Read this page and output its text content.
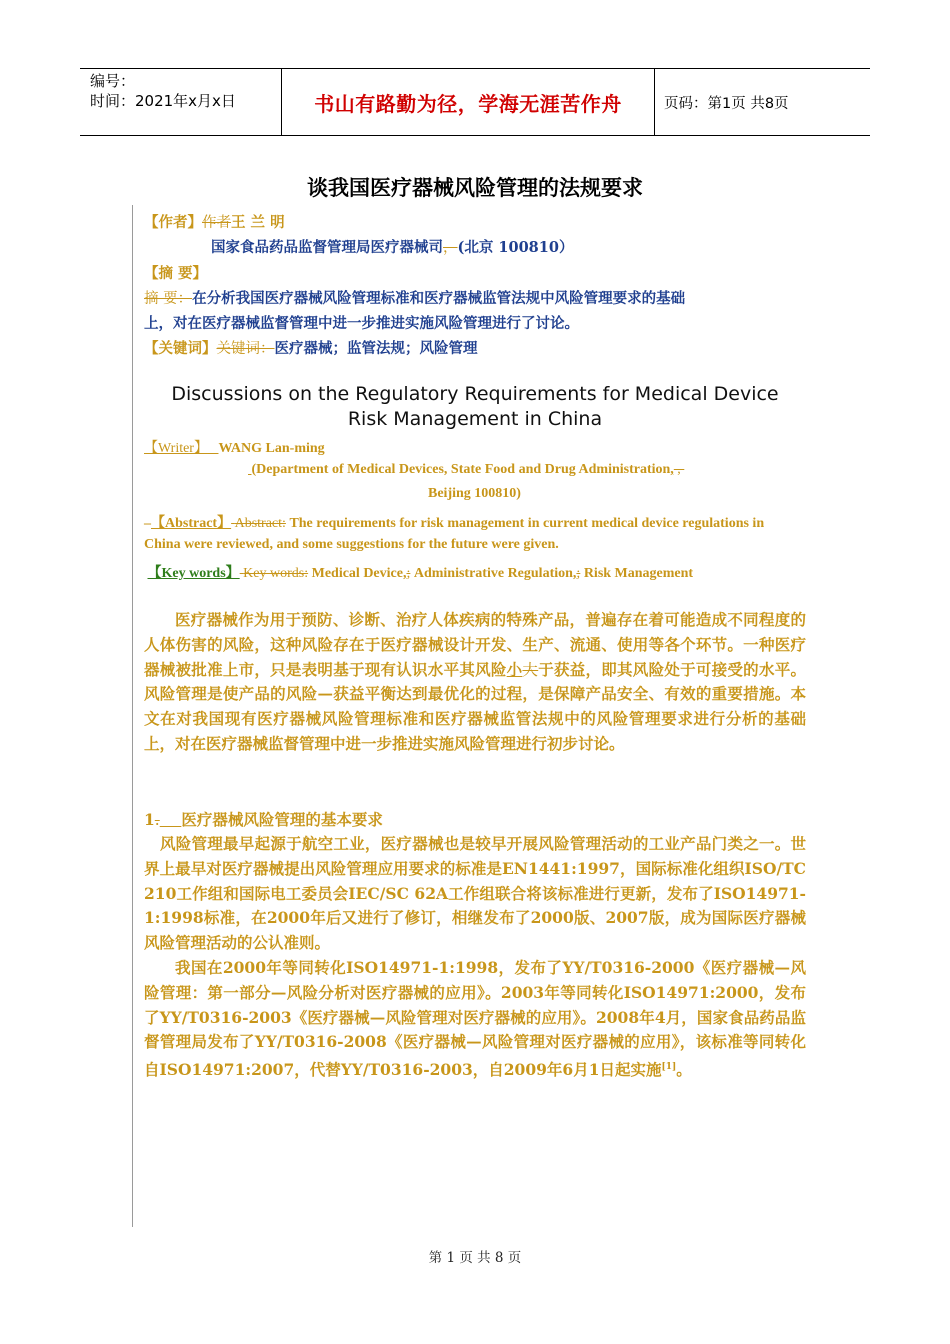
编号：
时间：2021年x月x日	书山有路勤为径，学海无涯苦作舟	页码：第1页 共8页
谈我国医疗器械风险管理的法规要求
【作者】作者王 兰 明
国家食品药品监督管理局医疗器械司，(北京 100810）
【摘 要】
摘 要：在分析我国医疗器械风险管理标准和医疗器械监管法规中风险管理要求的基础
上，对在医疗器械监督管理中进一步推进实施风险管理进行了讨论。
【关键词】关键词：医疗器械；监管法规；风险管理
Discussions on the Regulatory Requirements for Medical Device
Risk Management in China
【Writer】 WANG Lan-ming
(Department of Medical Devices, State Food and Drug Administration, ,
Beijing 100810)
–【Abstract】 Abstract: The requirements for risk management in current medical device regulations in
China were reviewed, and some suggestions for the future were given.
【Key words】 Key words: Medical Device,; Administrative Regulation,; Risk Management
医疗器械作为用于预防、诊断、治疗人体疾病的特殊产品，普遍存在着可能造成不同程度的人体伤害的风险，这种风险存在于医疗器械设计开发、生产、流通、使用等各个环节。一种医疗器械被批准上市，只是表明基于现有认识水平其风险小大于获益，即其风险处于可接受的水平。风险管理是使产品的风险—获益平衡达到最优化的过程，是保障产品安全、有效的重要措施。本文在对我国现有医疗器械风险管理标准和医疗器械监管法规中的风险管理要求进行分析的基础上，对在医疗器械监督管理中进一步推进实施风险管理进行初步讨论。
1. 医疗器械风险管理的基本要求
风险管理最早起源于航空工业，医疗器械也是较早开展风险管理活动的工业产品门类之一。世界上最早对医疗器械提出风险管理应用要求的标准是EN1441:1997，国际标准化组织ISO/TC 210工作组和国际电工委员会IEC/SC 62A工作组联合将该标准进行更新，发布了ISO14971-1:1998标准，在2000年后又进行了修订，相继发布了2000版、2007版，成为国际医疗器械风险管理活动的公认准则。
我国在2000年等同转化ISO14971-1:1998，发布了YY/T0316-2000《医疗器械—风险管理：第一部分—风险分析对医疗器械的应用》。2003年等同转化ISO14971:2000，发布了YY/T0316-2003《医疗器械—风险管理对医疗器械的应用》。2008年4月，国家食品药品监督管理局发布了YY/T0316-2008《医疗器械—风险管理对医疗器械的应用》，该标准等同转化自ISO14971:2007，代替YY/T0316-2003，自2009年6月1日起实施[1]。
第 1 页 共 8 页
